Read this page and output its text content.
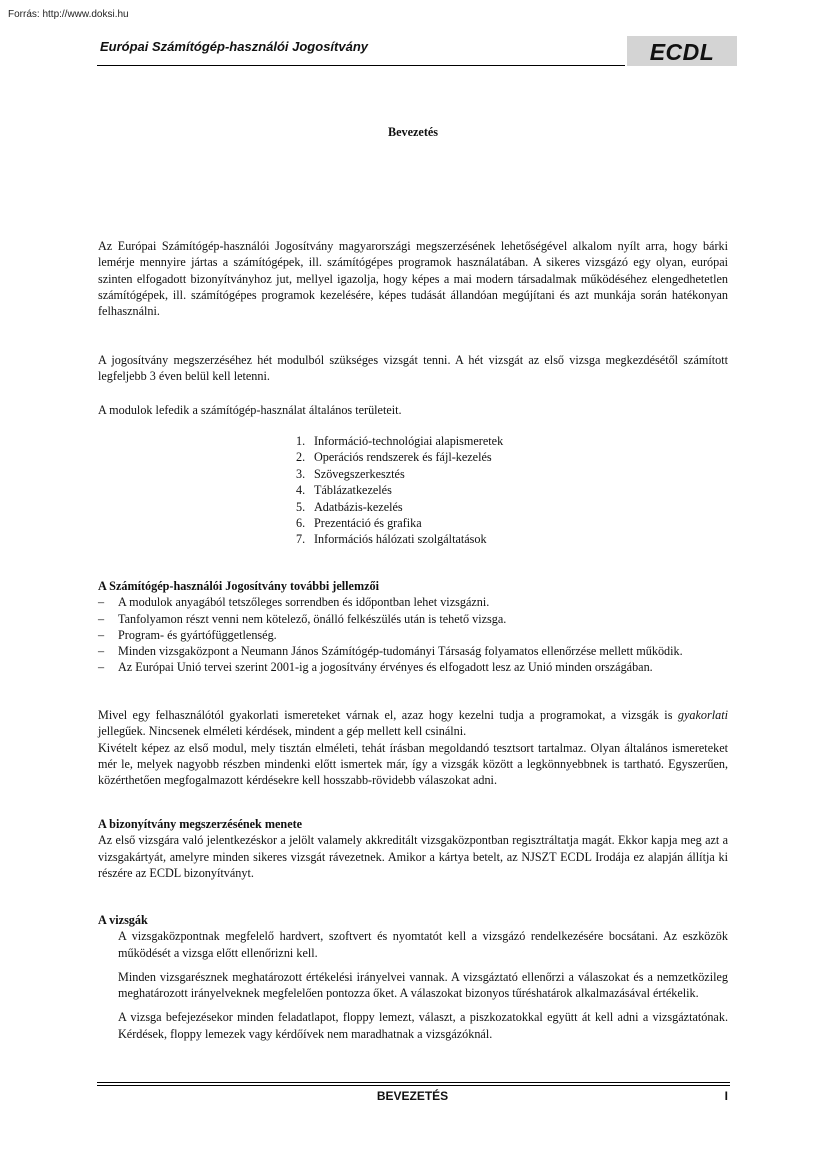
Forrás: http://www.doksi.hu
Európai Számítógép-használói Jogosítvány	ECDL

Bevezetés

Az Európai Számítógép-használói Jogosítvány magyarországi megszerzésének lehetőségével alkalom nyílt arra, hogy bárki lemérje mennyire jártas a számítógépek, ill. számítógépes programok használatában. A sikeres vizsgázó egy olyan, európai szinten elfogadott bizonyítványhoz jut, mellyel igazolja, hogy képes a mai modern társadalmak működéséhez elengedhetetlen számítógépek, ill. számítógépes programok kezelésére, képes tudását állandóan megújítani és azt munkája során hatékonyan felhasználni.

A jogosítvány megszerzéséhez hét modulból szükséges vizsgát tenni. A hét vizsgát az első vizsga megkezdésétől számított legfeljebb 3 éven belül kell letenni.

A modulok lefedik a számítógép-használat általános területeit.

1. Információ-technológiai alapismeretek
2. Operációs rendszerek és fájl-kezelés
3. Szövegszerkesztés
4. Táblázatkezelés
5. Adatbázis-kezelés
6. Prezentáció és grafika
7. Információs hálózati szolgáltatások

A Számítógép-használói Jogosítvány további jellemzői

– A modulok anyagából tetszőleges sorrendben és időpontban lehet vizsgázni.
– Tanfolyamon részt venni nem kötelező, önálló felkészülés után is tehető vizsga.
– Program- és gyártófüggetlenség.
– Minden vizsgaközpont a Neumann János Számítógép-tudományi Társaság folyamatos ellenőrzése mellett működik.
– Az Európai Unió tervei szerint 2001-ig a jogosítvány érvényes és elfogadott lesz az Unió minden országában.

Mivel egy felhasználótól gyakorlati ismereteket várnak el, azaz hogy kezelni tudja a programokat, a vizsgák is gyakorlati jellegűek. Nincsenek elméleti kérdések, mindent a gép mellett kell csinálni.

Kivételt képez az első modul, mely tisztán elméleti, tehát írásban megoldandó tesztsort tartalmaz. Olyan általános ismereteket mér le, melyek nagyobb részben mindenki előtt ismertek már, így a vizsgák között a legkönnyebbnek is tartható. Egyszerűen, közérthetően megfogalmazott kérdésekre kell hosszabb-rövidebb válaszokat adni.

A bizonyítvány megszerzésének menete

Az első vizsgára való jelentkezéskor a jelölt valamely akkreditált vizsgaközpontban regisztráltatja magát. Ekkor kapja meg azt a vizsgakártyát, amelyre minden sikeres vizsgát rávezetnek. Amikor a kártya betelt, az NJSZT ECDL Irodája ez alapján állítja ki részére az ECDL bizonyítványt.

A vizsgák

A vizsgaközpontnak megfelelő hardvert, szoftvert és nyomtatót kell a vizsgázó rendelkezésére bocsátani. Az eszközök működését a vizsga előtt ellenőrizni kell.

Minden vizsgarésznek meghatározott értékelési irányelvei vannak. A vizsgáztató ellenőrzi a válaszokat és a nemzetközileg meghatározott irányelveknek megfelelően pontozza őket. A válaszokat bizonyos tűréshatárok alkalmazásával értékelik.

A vizsga befejezésekor minden feladatlapot, floppy lemezt, választ, a piszkozatokkal együtt át kell adni a vizsgáztatónak. Kérdések, floppy lemezek vagy kérdőívek nem maradhatnak a vizsgázóknál.

BEVEZETÉS	I
